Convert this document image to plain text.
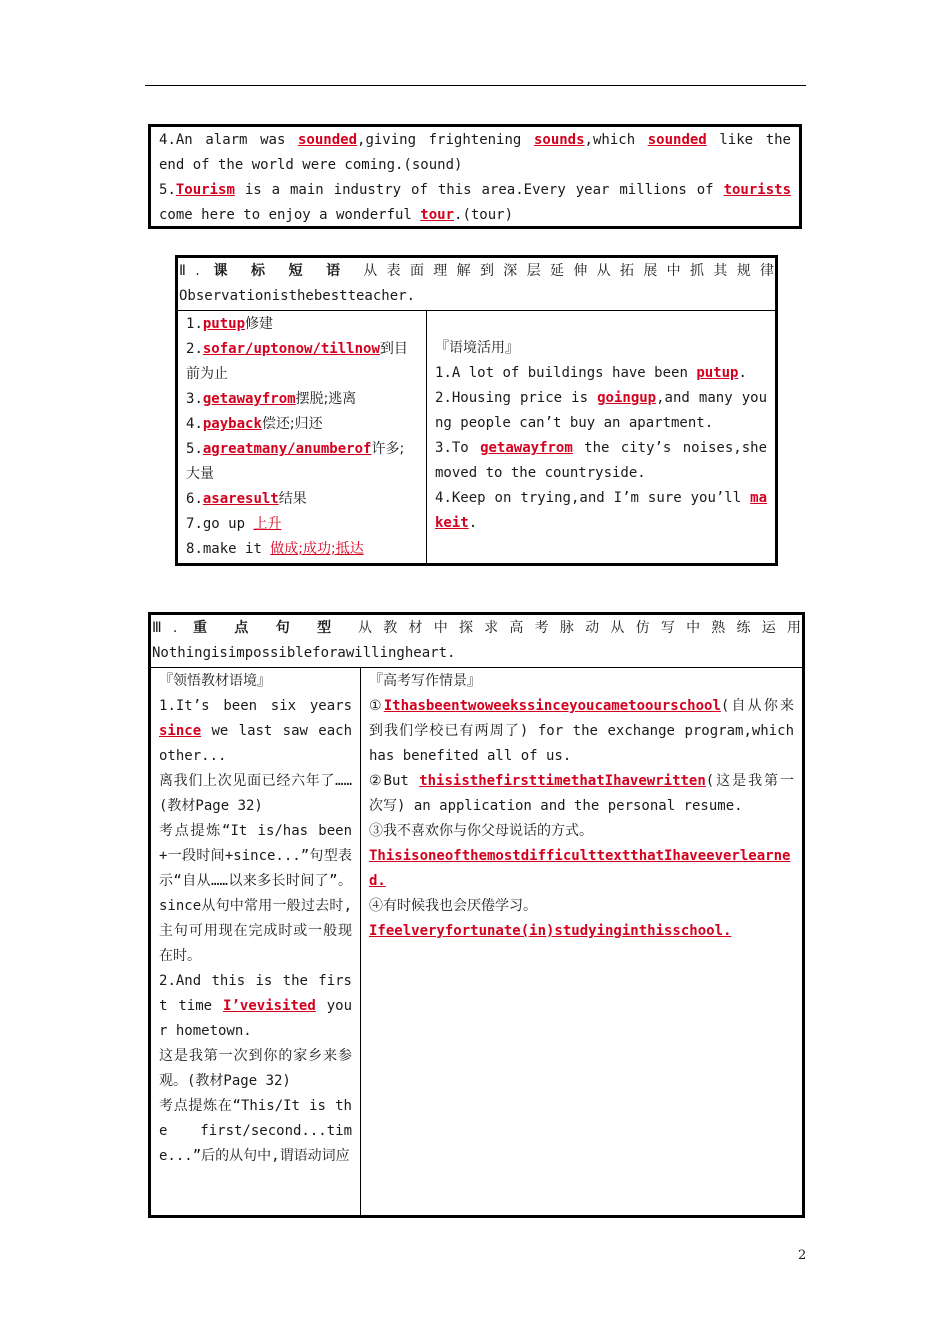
4.An alarm was sounded,giving frightening sounds,which sounded like the end of the world were coming.(sound)
5.Tourism is a main industry of this area.Every year millions of tourists come here to enjoy a wonderful tour.(tour)
Ⅱ. 课 标 短 语 从表面理解到深层延伸从拓展中抓其规律
Observationisthebestteacher.

1.putup修建
2.sofar/uptonow/tillnow到目前为止
3.getawayfrom摆脱;逃离
4.payback偿还;归还
5.agreatmany/anumberof许多;大量
6.asaresult结果
7.go up 上升
8.make it 做成;成功;抵达

『语境活用』
1.A lot of buildings have been putup.
2.Housing price is goingup,and many young people can’t buy an apartment.
3.To getawayfrom the city’s noises,she moved to the countryside.
4.Keep on trying,and I’m sure you’ll makeit.
Ⅲ. 重 点 句 型 从教材中探求高考脉动从仿写中熟练运用
Nothingisimpossibleforawillingheart.

『领悟教材语境』
1.It’s been six years since we last saw each other...
离我们上次见面已经六年了……(教材Page 32)
考点提炼“It is/has been+一段时间+since...”句型表示“自从……以来多长时间了”。since从句中常用一般过去时,主句可用现在完成时或一般现在时。
2.And this is the first time I’vevisited your hometown.
这是我第一次到你的家乡来参观。(教材Page 32)
考点提炼在“This/It is the first/second...time...”后的从句中,谓语动词应

『高考写作情景』
①Ithasbeentwoweekssinceyoucametoourschool(自从你来到我们学校已有两周了) for the exchange program,which has benefited all of us.
②But thisisthefirsttimethatIhavewritten(这是我第一次写) an application and the personal resume.
③我不喜欢你与你父母说话的方式。
ThisisoneofthemostdifficulttextthatIhaveeverlearned.
④有时候我也会厌倦学习。
Ifeelveryfortunate(in)studyinginthisschool.
2
